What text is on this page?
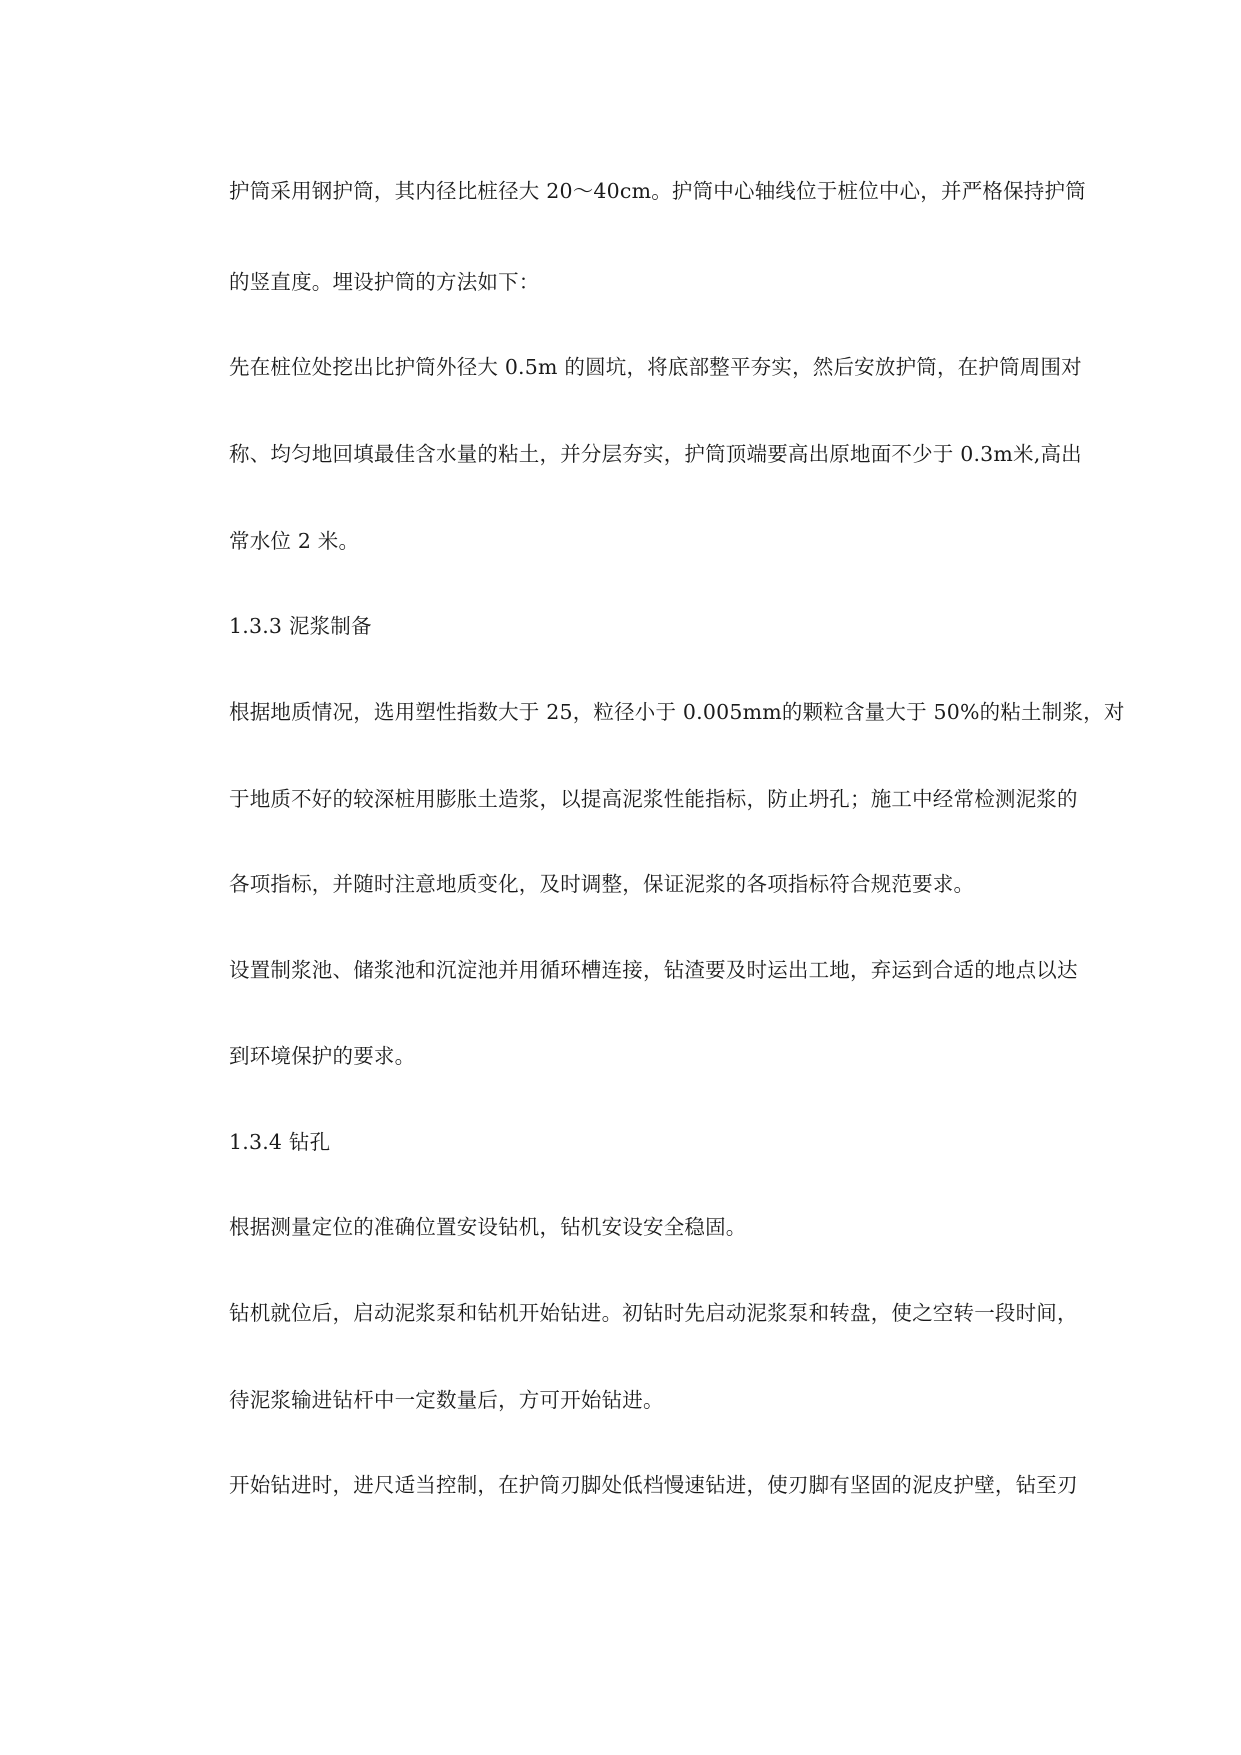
护筒采用钢护筒，其内径比桩径大 20～40cm。护筒中心轴线位于桩位中心，并严格保持护筒
的竖直度。埋设护筒的方法如下：
先在桩位处挖出比护筒外径大 0.5m 的圆坑，将底部整平夯实，然后安放护筒，在护筒周围对
称、均匀地回填最佳含水量的粘土，并分层夯实，护筒顶端要高出原地面不少于 0.3m米,高出
常水位 2 米。
1.3.3 泥浆制备
根据地质情况，选用塑性指数大于 25，粒径小于 0.005mm的颗粒含量大于 50%的粘土制浆，对
于地质不好的较深桩用膨胀土造浆，以提高泥浆性能指标，防止坍孔；施工中经常检测泥浆的
各项指标，并随时注意地质变化，及时调整，保证泥浆的各项指标符合规范要求。
设置制浆池、储浆池和沉淀池并用循环槽连接，钻渣要及时运出工地，弃运到合适的地点以达
到环境保护的要求。
1.3.4 钻孔
根据测量定位的准确位置安设钻机，钻机安设安全稳固。
钻机就位后，启动泥浆泵和钻机开始钻进。初钻时先启动泥浆泵和转盘，使之空转一段时间，
待泥浆输进钻杆中一定数量后，方可开始钻进。
开始钻进时，进尺适当控制，在护筒刃脚处低档慢速钻进，使刃脚有坚固的泥皮护壁，钻至刃
